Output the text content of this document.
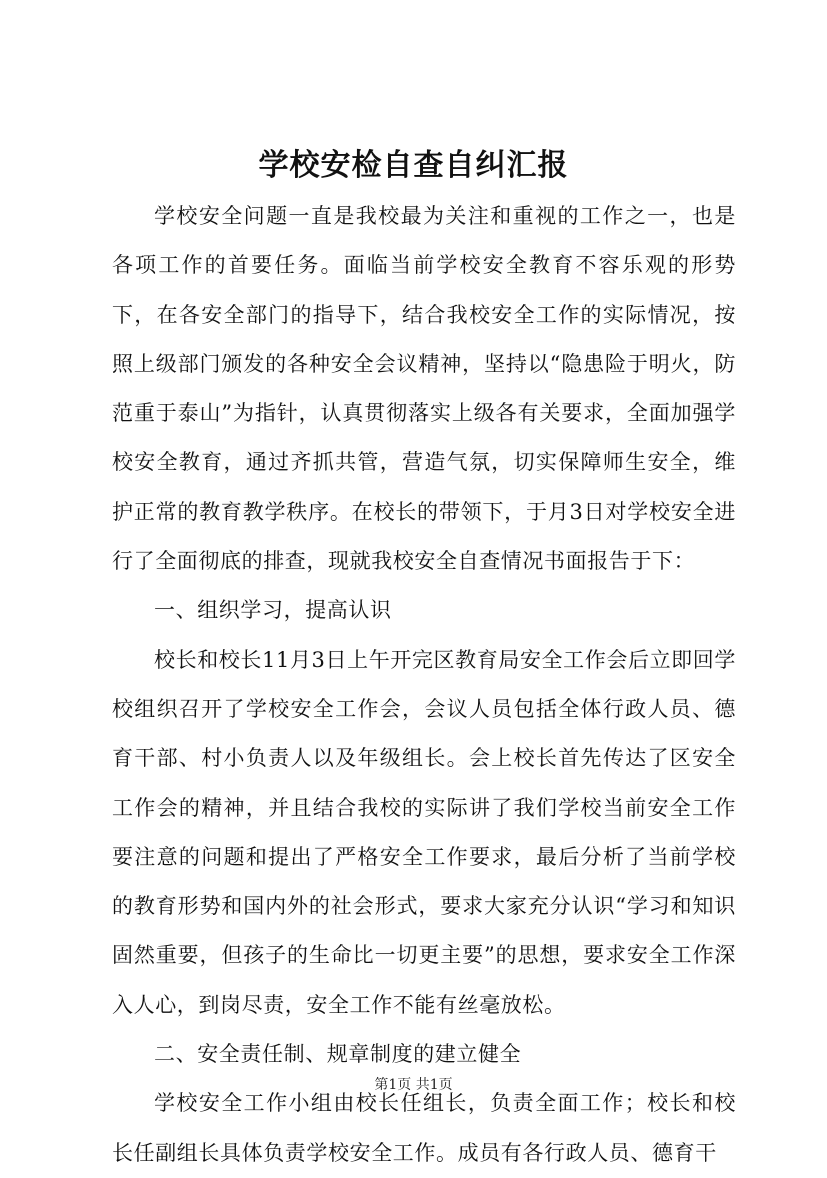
学校安检自查自纠汇报

学校安全问题一直是我校最为关注和重视的工作之一，也是各项工作的首要任务。面临当前学校安全教育不容乐观的形势下，在各安全部门的指导下，结合我校安全工作的实际情况，按照上级部门颁发的各种安全会议精神，坚持以“隐患险于明火，防范重于泰山”为指针，认真贯彻落实上级各有关要求，全面加强学校安全教育，通过齐抓共管，营造气氛，切实保障师生安全，维护正常的教育教学秩序。在校长的带领下，于月3日对学校安全进行了全面彻底的排查，现就我校安全自查情况书面报告于下：

一、组织学习，提高认识

校长和校长11月3日上午开完区教育局安全工作会后立即回学校组织召开了学校安全工作会，会议人员包括全体行政人员、德育干部、村小负责人以及年级组长。会上校长首先传达了区安全工作会的精神，并且结合我校的实际讲了我们学校当前安全工作要注意的问题和提出了严格安全工作要求，最后分析了当前学校的教育形势和国内外的社会形式，要求大家充分认识“学习和知识固然重要，但孩子的生命比一切更主要”的思想，要求安全工作深入人心，到岗尽责，安全工作不能有丝毫放松。

二、安全责任制、规章制度的建立健全

学校安全工作小组由校长任组长，负责全面工作；校长和校长任副组长具体负责学校安全工作。成员有各行政人员、德育干

第1页 共1页
